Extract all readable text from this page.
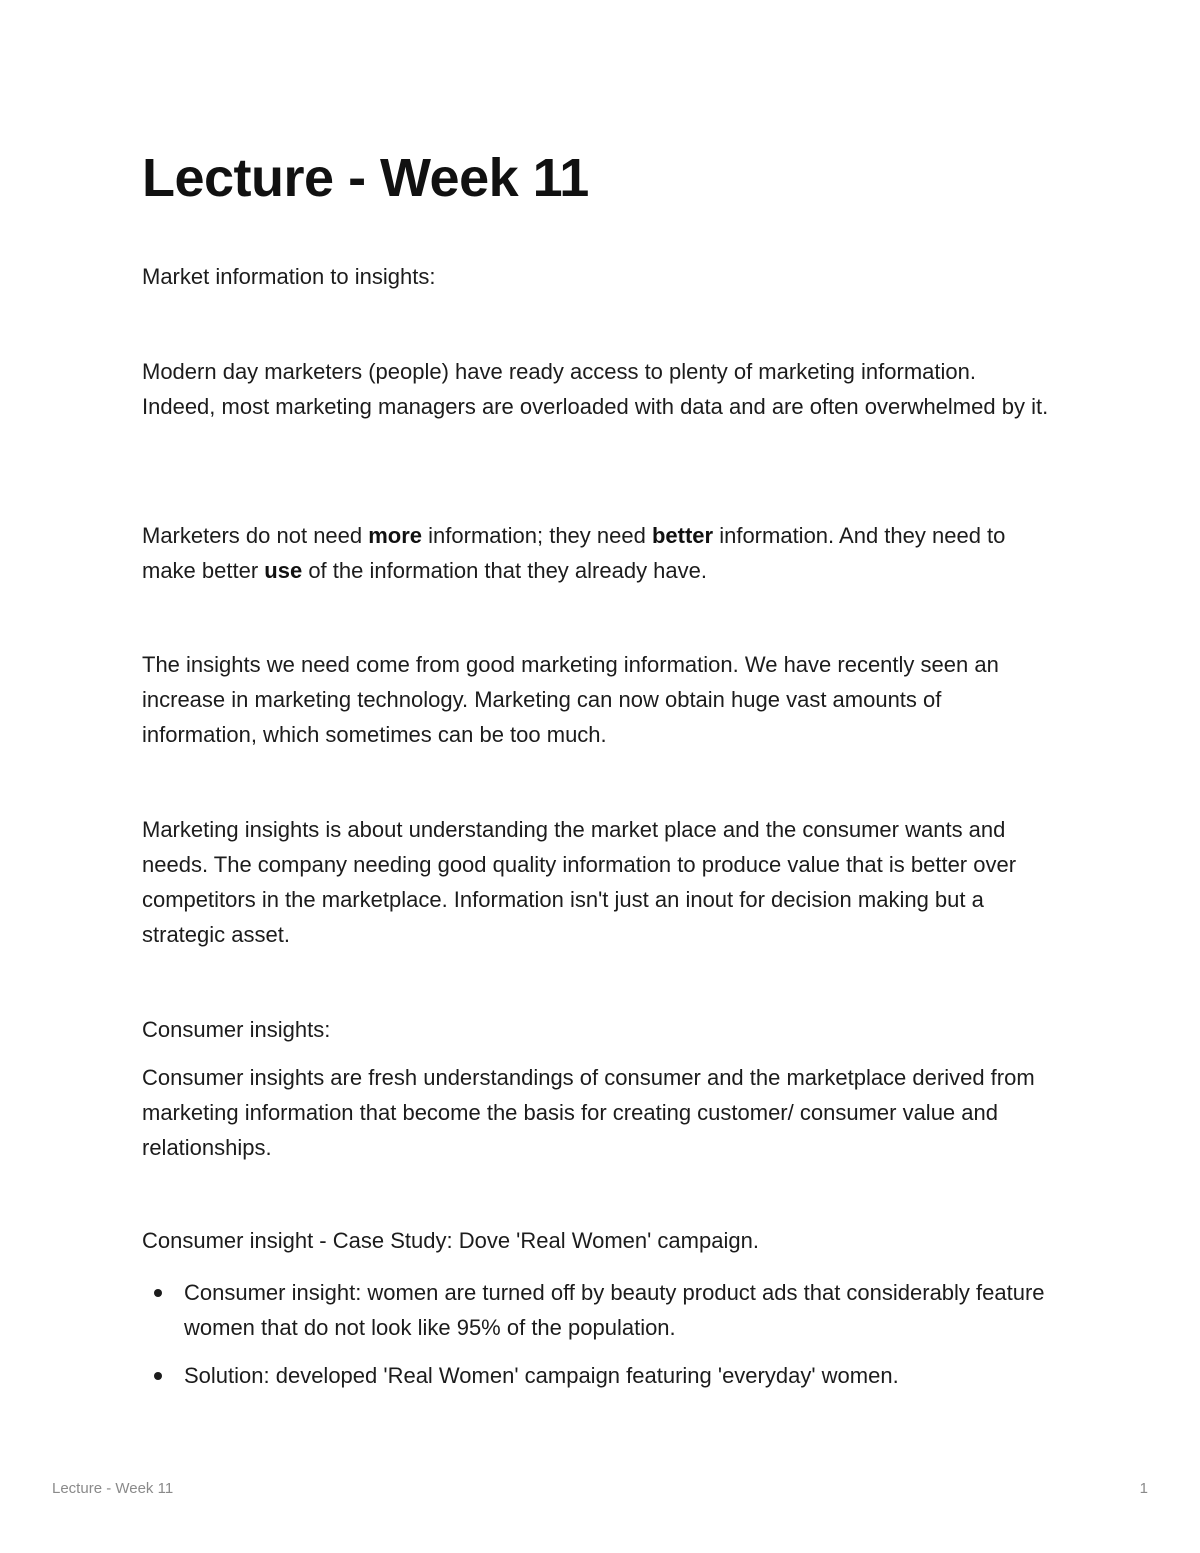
Lecture - Week 11

Market information to insights:

Modern day marketers (people) have ready access to plenty of marketing information. Indeed, most marketing managers are overloaded with data and are often overwhelmed by it.

Marketers do not need more information; they need better information. And they need to make better use of the information that they already have.

The insights we need come from good marketing information. We have recently seen an increase in marketing technology. Marketing can now obtain huge vast amounts of information, which sometimes can be too much.

Marketing insights is about understanding the market place and the consumer wants and needs. The company needing good quality information to produce value that is better over competitors in the marketplace. Information isn't just an inout for decision making but a strategic asset.

Consumer insights:

Consumer insights are fresh understandings of consumer and the marketplace derived from marketing information that become the basis for creating customer/ consumer value and relationships.

Consumer insight - Case Study: Dove 'Real Women' campaign.

Consumer insight: women are turned off by beauty product ads that considerably feature women that do not look like 95% of the population.
Solution: developed 'Real Women' campaign featuring 'everyday' women.
Lecture - Week 11	1
